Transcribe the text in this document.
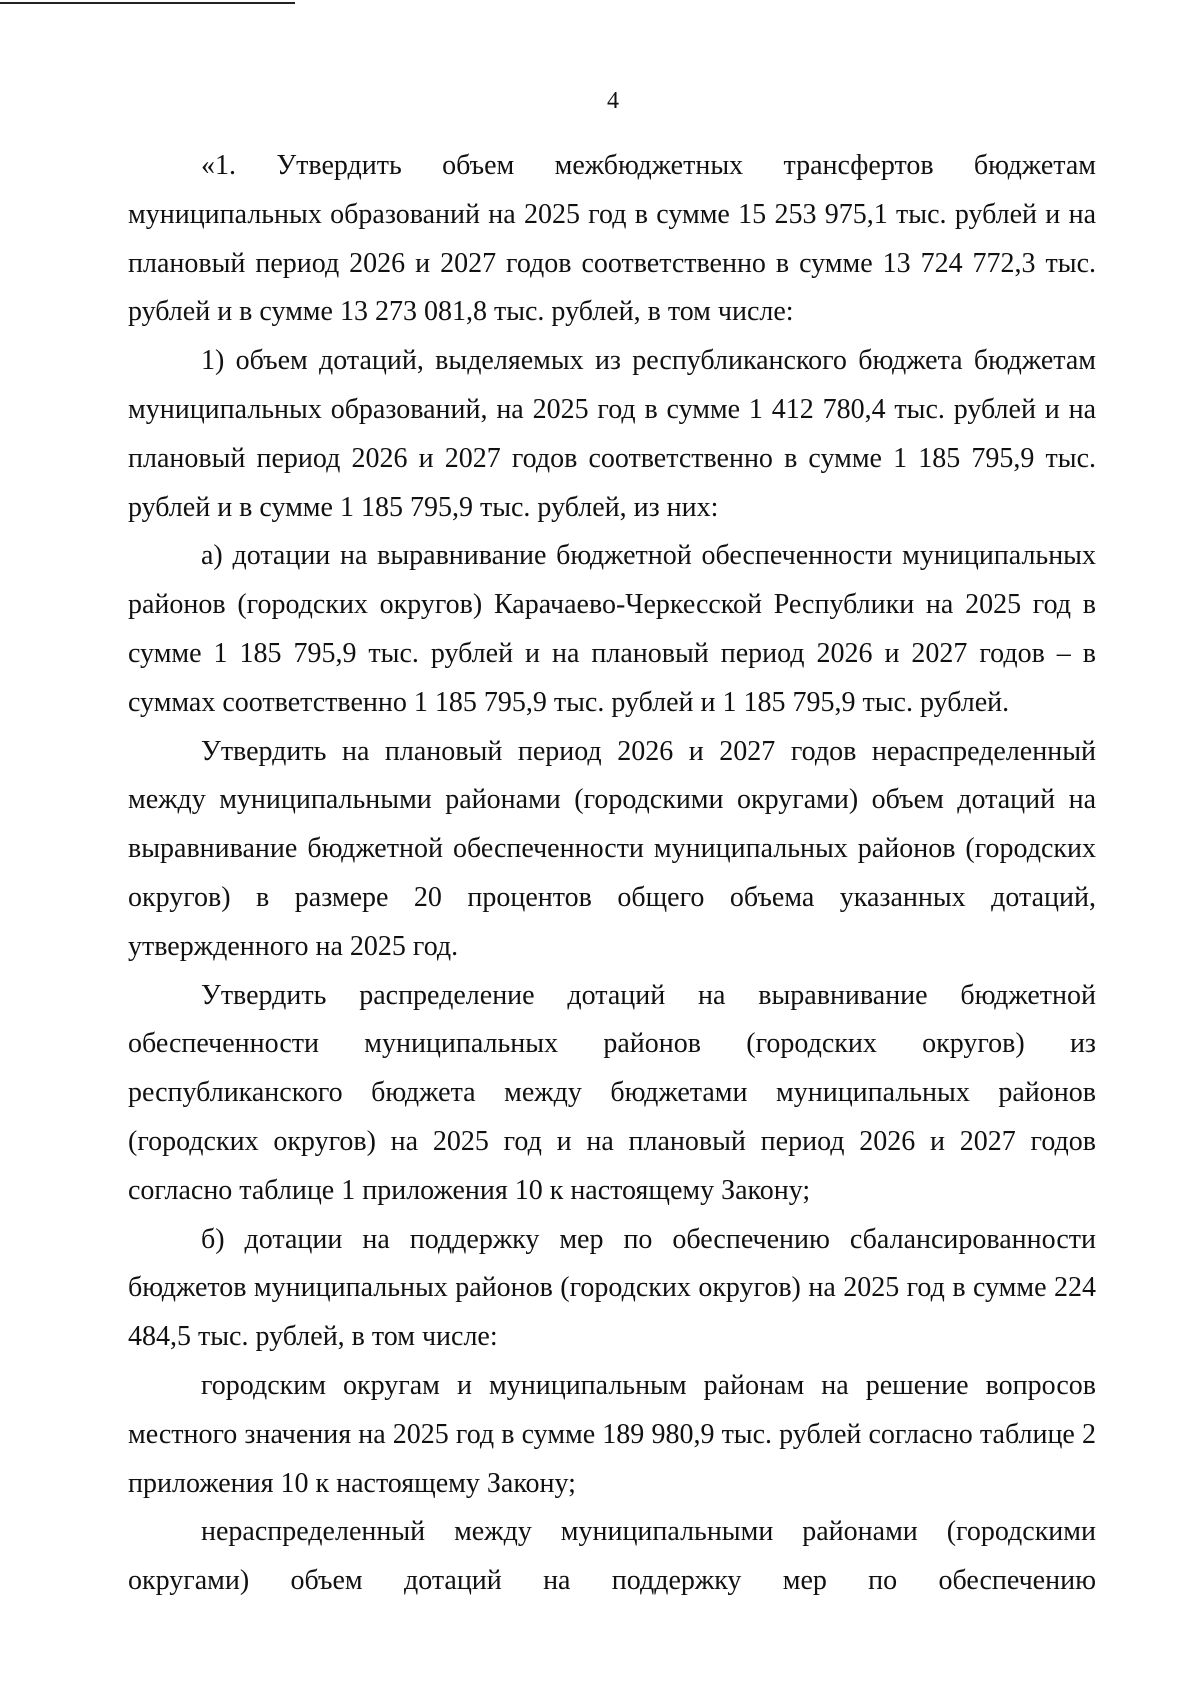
4

«1. Утвердить объем межбюджетных трансфертов бюджетам муниципальных образований на 2025 год в сумме 15 253 975,1 тыс. рублей и на плановый период 2026 и 2027 годов соответственно в сумме 13 724 772,3 тыс. рублей и в сумме 13 273 081,8 тыс. рублей, в том числе:

1) объем дотаций, выделяемых из республиканского бюджета бюджетам муниципальных образований, на 2025 год в сумме 1 412 780,4 тыс. рублей и на плановый период 2026 и 2027 годов соответственно в сумме 1 185 795,9 тыс. рублей и в сумме 1 185 795,9 тыс. рублей, из них:

а) дотации на выравнивание бюджетной обеспеченности муниципальных районов (городских округов) Карачаево-Черкесской Республики на 2025 год в сумме 1 185 795,9 тыс. рублей и на плановый период 2026 и 2027 годов – в суммах соответственно 1 185 795,9 тыс. рублей и 1 185 795,9 тыс. рублей.

Утвердить на плановый период 2026 и 2027 годов нераспределенный между муниципальными районами (городскими округами) объем дотаций на выравнивание бюджетной обеспеченности муниципальных районов (городских округов) в размере 20 процентов общего объема указанных дотаций, утвержденного на 2025 год.

Утвердить распределение дотаций на выравнивание бюджетной обеспеченности муниципальных районов (городских округов) из республиканского бюджета между бюджетами муниципальных районов (городских округов) на 2025 год и на плановый период 2026 и 2027 годов согласно таблице 1 приложения 10 к настоящему Закону;

б) дотации на поддержку мер по обеспечению сбалансированности бюджетов муниципальных районов (городских округов) на 2025 год в сумме 224 484,5 тыс. рублей, в том числе:

городским округам и муниципальным районам на решение вопросов местного значения на 2025 год в сумме 189 980,9 тыс. рублей согласно таблице 2 приложения 10 к настоящему Закону;

нераспределенный между муниципальными районами (городскими округами) объем дотаций на поддержку мер по обеспечению
